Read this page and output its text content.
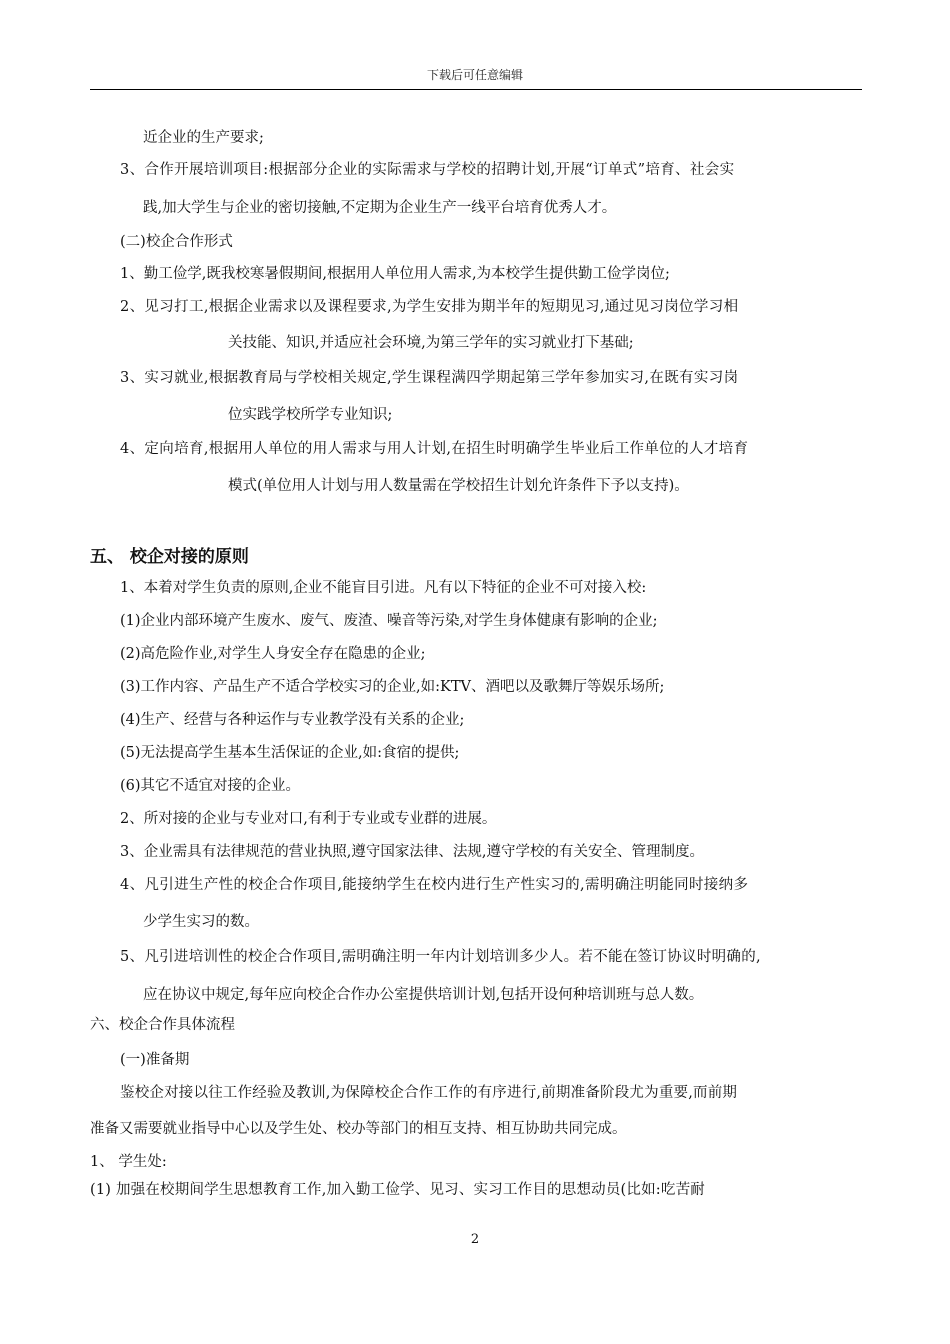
下载后可任意编辑
近企业的生产要求;
3、合作开展培训项目:根据部分企业的实际需求与学校的招聘计划,开展“订单式”培育、社会实
践,加大学生与企业的密切接触,不定期为企业生产一线平台培育优秀人才。
(二)校企合作形式
1、勤工俭学,既我校寒暑假期间,根据用人单位用人需求,为本校学生提供勤工俭学岗位;
2、见习打工,根据企业需求以及课程要求,为学生安排为期半年的短期见习,通过见习岗位学习相
关技能、知识,并适应社会环境,为第三学年的实习就业打下基础;
3、实习就业,根据教育局与学校相关规定,学生课程满四学期起第三学年参加实习,在既有实习岗
位实践学校所学专业知识;
4、定向培育,根据用人单位的用人需求与用人计划,在招生时明确学生毕业后工作单位的人才培育
模式(单位用人计划与用人数量需在学校招生计划允许条件下予以支持)。
五、 校企对接的原则
1、本着对学生负责的原则,企业不能盲目引进。凡有以下特征的企业不可对接入校:
(1)企业内部环境产生废水、废气、废渣、噪音等污染,对学生身体健康有影响的企业;
(2)高危险作业,对学生人身安全存在隐患的企业;
(3)工作内容、产品生产不适合学校实习的企业,如:KTV、酒吧以及歌舞厅等娱乐场所;
(4)生产、经营与各种运作与专业教学没有关系的企业;
(5)无法提高学生基本生活保证的企业,如:食宿的提供;
(6)其它不适宜对接的企业。
2、所对接的企业与专业对口,有利于专业或专业群的进展。
3、企业需具有法律规范的营业执照,遵守国家法律、法规,遵守学校的有关安全、管理制度。
4、凡引进生产性的校企合作项目,能接纳学生在校内进行生产性实习的,需明确注明能同时接纳多
少学生实习的数。
5、凡引进培训性的校企合作项目,需明确注明一年内计划培训多少人。若不能在签订协议时明确的,
应在协议中规定,每年应向校企合作办公室提供培训计划,包括开设何种培训班与总人数。
六、校企合作具体流程
(一)准备期
鉴校企对接以往工作经验及教训,为保障校企合作工作的有序进行,前期准备阶段尤为重要,而前期
准备又需要就业指导中心以及学生处、校办等部门的相互支持、相互协助共同完成。
1、 学生处:
(1) 加强在校期间学生思想教育工作,加入勤工俭学、见习、实习工作目的思想动员(比如:吃苦耐
2
